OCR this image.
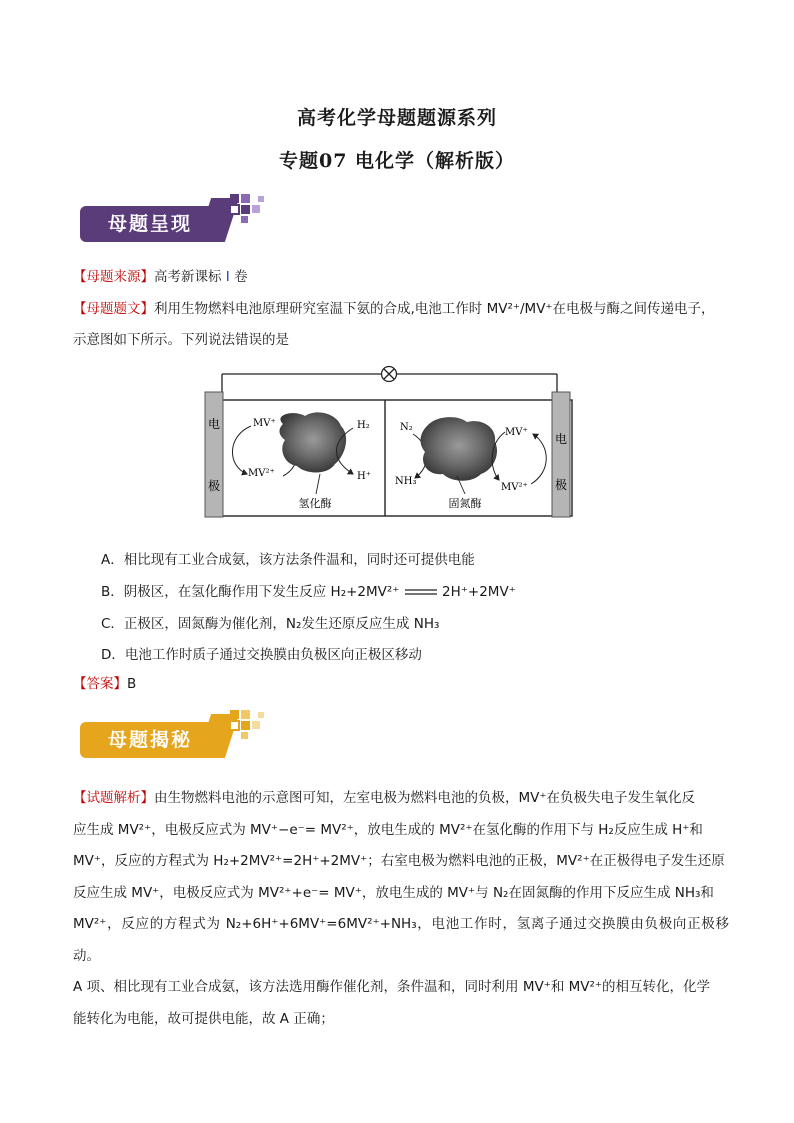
高考化学母题题源系列
专题07 电化学（解析版）
母题呈现
【母题来源】高考新课标 I 卷
【母题题文】利用生物燃料电池原理研究室温下氨的合成,电池工作时 MV²⁺/MV⁺在电极与酶之间传递电子，
示意图如下所示。下列说法错误的是
电
极
电
极
MV⁺
MV²⁺
H₂
H⁺
氢化酶
N₂
NH₃
MV⁺
MV²⁺
固氮酶
A．相比现有工业合成氨，该方法条件温和，同时还可提供电能
B．阴极区，在氢化酶作用下发生反应 H₂+2MV²⁺	2H⁺+2MV⁺
C．正极区，固氮酶为催化剂，N₂发生还原反应生成 NH₃
D．电池工作时质子通过交换膜由负极区向正极区移动
【答案】B
母题揭秘
【试题解析】由生物燃料电池的示意图可知，左室电极为燃料电池的负极，MV⁺在负极失电子发生氧化反
应生成 MV²⁺，电极反应式为 MV⁺−e⁻= MV²⁺，放电生成的 MV²⁺在氢化酶的作用下与 H₂反应生成 H⁺和
MV⁺，反应的方程式为 H₂+2MV²⁺=2H⁺+2MV⁺；右室电极为燃料电池的正极，MV²⁺在正极得电子发生还原
反应生成 MV⁺，电极反应式为 MV²⁺+e⁻= MV⁺，放电生成的 MV⁺与 N₂在固氮酶的作用下反应生成 NH₃和
MV²⁺，反应的方程式为 N₂+6H⁺+6MV⁺=6MV²⁺+NH₃，电池工作时，氢离子通过交换膜由负极向正极移动。
A 项、相比现有工业合成氨，该方法选用酶作催化剂，条件温和，同时利用 MV⁺和 MV²⁺的相互转化，化学
能转化为电能，故可提供电能，故 A 正确；
